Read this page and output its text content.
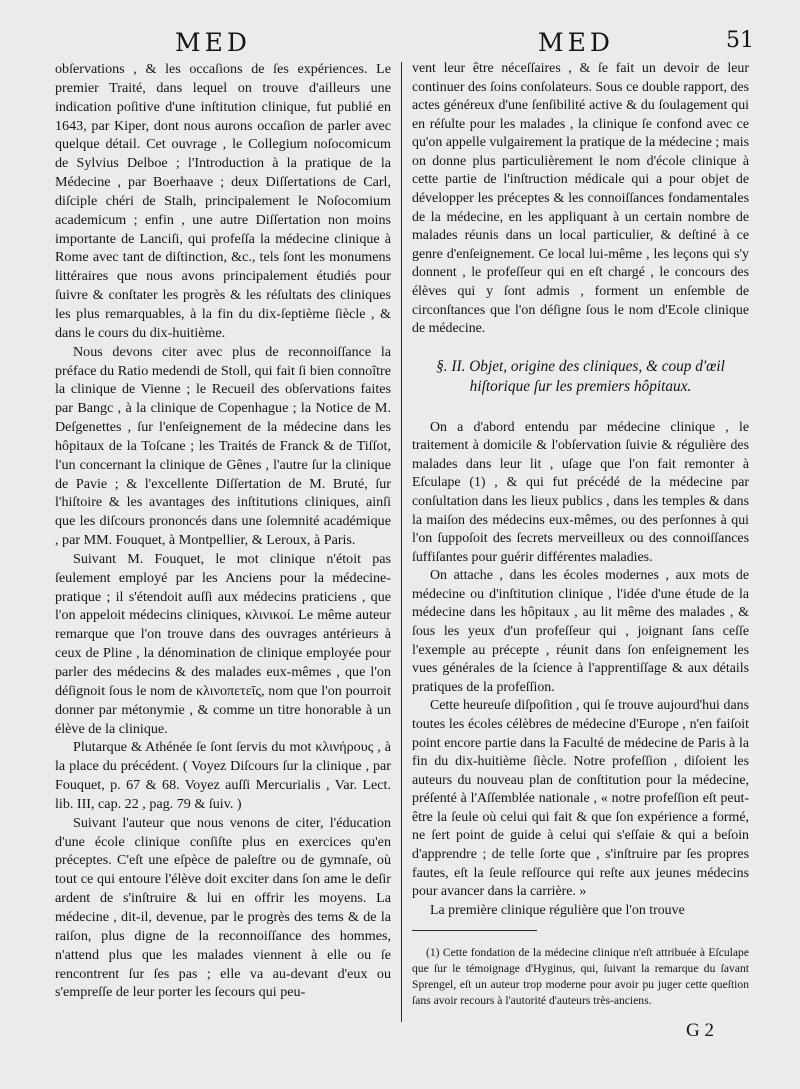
MED	MED	51

obſervations , & les occaſions de ſes expériences. Le premier Traité, dans lequel on trouve d'ailleurs une indication poſitive d'une inſtitution clinique, fut publié en 1643, par Kiper, dont nous aurons occaſion de parler avec quelque détail. Cet ouvrage , le Collegium noſocomicum de Sylvius Delboe ; l'Introduction à la pratique de la Médecine , par Boerhaave ; deux Diſſertations de Carl, diſciple chéri de Stalh, principalement le Noſocomium academicum ; enfin , une autre Diſſertation non moins importante de Lanciſi, qui profeſſa la médecine clinique à Rome avec tant de diſtinction, &c., tels ſont les monumens littéraires que nous avons principalement étudiés pour ſuivre & conſtater les progrès & les réſultats des cliniques les plus remarquables, à la fin du dix-ſeptième ſiècle , & dans le cours du dix-huitième.

Nous devons citer avec plus de reconnoiſſance la préface du Ratio medendi de Stoll, qui fait ſi bien connoître la clinique de Vienne ; le Recueil des obſervations faites par Bangc , à la clinique de Copenhague ; la Notice de M. Deſgenettes , ſur l'enſeignement de la médecine dans les hôpitaux de la Toſcane ; les Traités de Franck & de Tiſſot, l'un concernant la clinique de Gênes , l'autre ſur la clinique de Pavie ; & l'excellente Diſſertation de M. Bruté, ſur l'hiſtoire & les avantages des inſtitutions cliniques, ainſi que les diſcours prononcés dans une ſolemnité académique , par MM. Fouquet, à Montpellier, & Leroux, à Paris.

Suivant M. Fouquet, le mot clinique n'étoit pas ſeulement employé par les Anciens pour la médecine-pratique ; il s'étendoit auſſi aux médecins praticiens , que l'on appeloit médecins cliniques, κλινικοί. Le même auteur remarque que l'on trouve dans des ouvrages antérieurs à ceux de Pline , la dénomination de clinique employée pour parler des médecins & des malades eux-mêmes , que l'on déſignoit ſous le nom de κλινοπετεῖς, nom que l'on pourroit donner par métonymie , & comme un titre honorable à un élève de la clinique.

Plutarque & Athénée ſe ſont ſervis du mot κλινήρους , à la place du précédent. ( Voyez Diſcours ſur la clinique , par Fouquet, p. 67 & 68. Voyez auſſi Mercurialis , Var. Lect. lib. III, cap. 22 , pag. 79 & ſuiv. )

Suivant l'auteur que nous venons de citer, l'éducation d'une école clinique conſiſte plus en exercices qu'en préceptes. C'eſt une eſpèce de paleſtre ou de gymnaſe, où tout ce qui entoure l'élève doit exciter dans ſon ame le deſir ardent de s'inſtruire & lui en offrir les moyens. La médecine , dit-il, devenue, par le progrès des tems & de la raiſon, plus digne de la reconnoiſſance des hommes, n'attend plus que les malades viennent à elle ou ſe rencontrent ſur ſes pas ; elle va au-devant d'eux ou s'empreſſe de leur porter les ſecours qui peu-

vent leur être néceſſaires , & ſe fait un devoir de leur continuer des ſoins conſolateurs. Sous ce double rapport, des actes généreux d'une ſenſibilité active & du ſoulagement qui en réſulte pour les malades , la clinique ſe confond avec ce qu'on appelle vulgairement la pratique de la médecine ; mais on donne plus particulièrement le nom d'école clinique à cette partie de l'inſtruction médicale qui a pour objet de développer les préceptes & les connoiſſances fondamentales de la médecine, en les appliquant à un certain nombre de malades réunis dans un local particulier, & deſtiné à ce genre d'enſeignement. Ce local lui-même , les leçons qui s'y donnent , le profeſſeur qui en eſt chargé , le concours des élèves qui y ſont admis , forment un enſemble de circonſtances que l'on déſigne ſous le nom d'Ecole clinique de médecine.

§. II. Objet, origine des cliniques, & coup d'œil hiſtorique ſur les premiers hôpitaux.

On a d'abord entendu par médecine clinique , le traitement à domicile & l'obſervation ſuivie & régulière des malades dans leur lit , uſage que l'on fait remonter à Eſculape (1) , & qui fut précédé de la médecine par conſultation dans les lieux publics , dans les temples & dans la maiſon des médecins eux-mêmes, ou des perſonnes à qui l'on ſuppoſoit des ſecrets merveilleux ou des connoiſſances ſuffiſantes pour guérir différentes maladies.

On attache , dans les écoles modernes , aux mots de médecine ou d'inſtitution clinique , l'idée d'une étude de la médecine dans les hôpitaux , au lit même des malades , & ſous les yeux d'un profeſſeur qui , joignant ſans ceſſe l'exemple au précepte , réunit dans ſon enſeignement les vues générales de la ſcience à l'apprentiſſage & aux détails pratiques de la profeſſion.

Cette heureuſe diſpoſition , qui ſe trouve aujourd'hui dans toutes les écoles célèbres de médecine d'Europe , n'en faiſoit point encore partie dans la Faculté de médecine de Paris à la fin du dix-huitième ſiècle. Notre profeſſion , diſoient les auteurs du nouveau plan de conſtitution pour la médecine, préſenté à l'Aſſemblée nationale , « notre profeſſion eſt peut-être la ſeule où celui qui fait & que ſon expérience a formé, ne ſert point de guide à celui qui s'eſſaie & qui a beſoin d'apprendre ; de telle ſorte que , s'inſtruire par ſes propres fautes, eſt la ſeule reſſource qui reſte aux jeunes médecins pour avancer dans la carrière. »

La première clinique régulière que l'on trouve

(1) Cette fondation de la médecine clinique n'eſt attribuée à Eſculape que ſur le témoignage d'Hyginus, qui, ſuivant la remarque du ſavant Sprengel, eſt un auteur trop moderne pour avoir pu juger cette queſtion ſans avoir recours à l'autorité d'auteurs très-anciens.

G 2
